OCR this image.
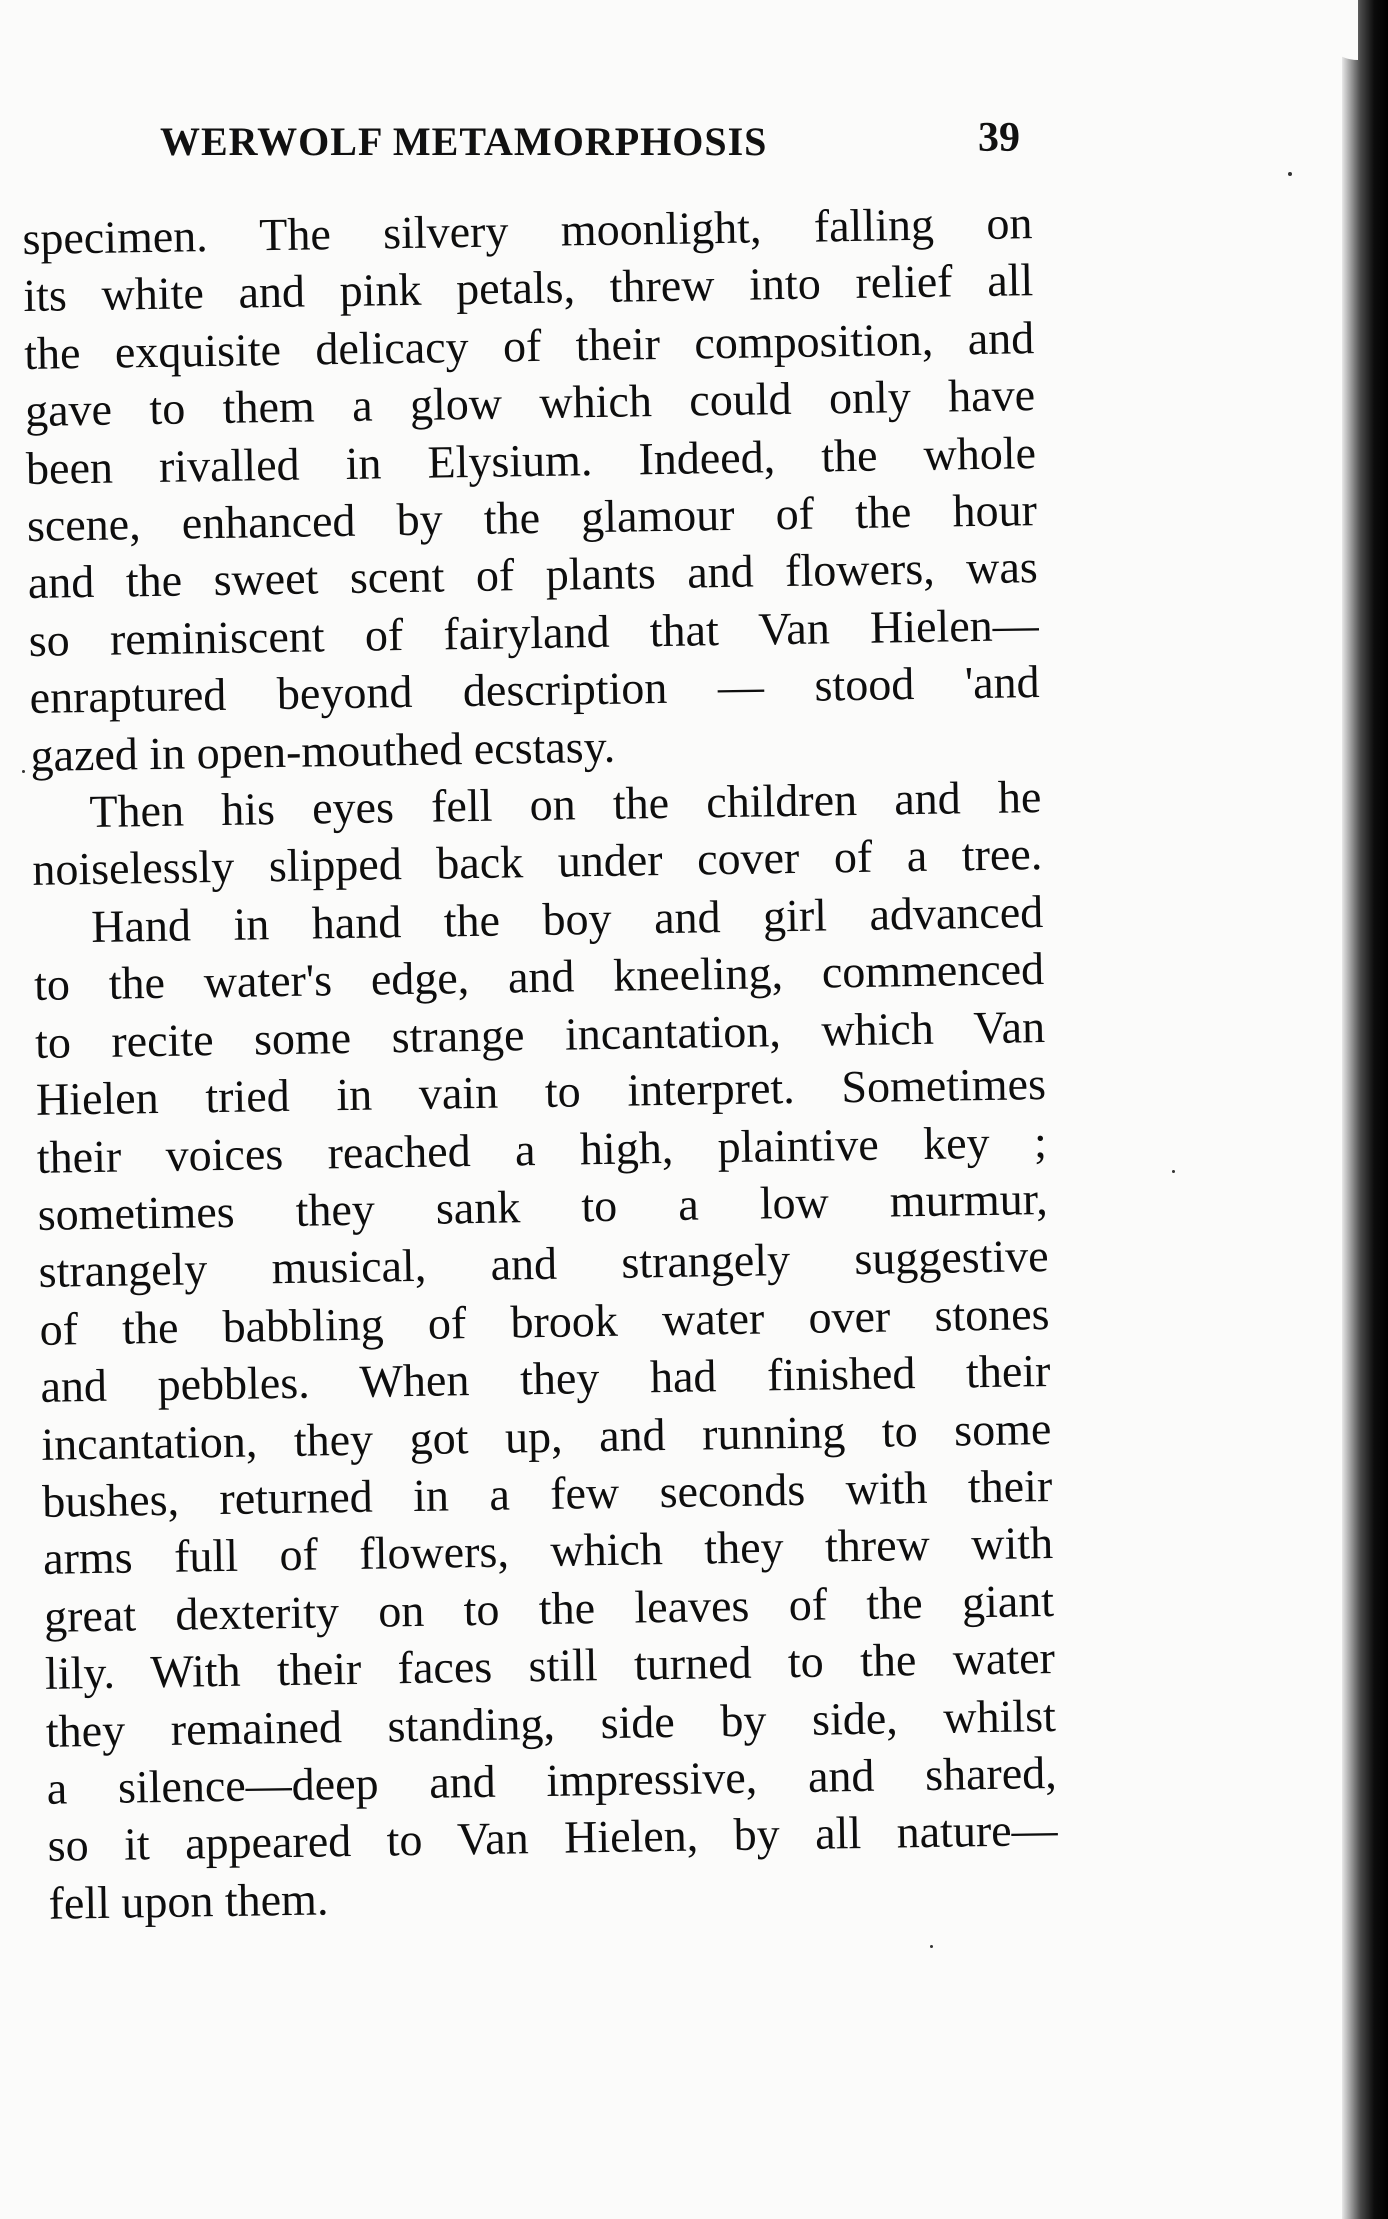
WERWOLF METAMORPHOSIS	39

specimen. The silvery moonlight, falling on
its white and pink petals, threw into relief all
the exquisite delicacy of their composition, and
gave to them a glow which could only have
been rivalled in Elysium. Indeed, the whole
scene, enhanced by the glamour of the hour
and the sweet scent of plants and flowers, was
so reminiscent of fairyland that Van Hielen—
enraptured beyond description — stood 'and
gazed in open-mouthed ecstasy.

Then his eyes fell on the children and he
noiselessly slipped back under cover of a tree.

Hand in hand the boy and girl advanced
to the water's edge, and kneeling, commenced
to recite some strange incantation, which Van
Hielen tried in vain to interpret. Sometimes
their voices reached a high, plaintive key ;
sometimes they sank to a low murmur,
strangely musical, and strangely suggestive
of the babbling of brook water over stones
and pebbles. When they had finished their
incantation, they got up, and running to some
bushes, returned in a few seconds with their
arms full of flowers, which they threw with
great dexterity on to the leaves of the giant
lily. With their faces still turned to the water
they remained standing, side by side, whilst
a silence—deep and impressive, and shared,
so it appeared to Van Hielen, by all nature—
fell upon them.
